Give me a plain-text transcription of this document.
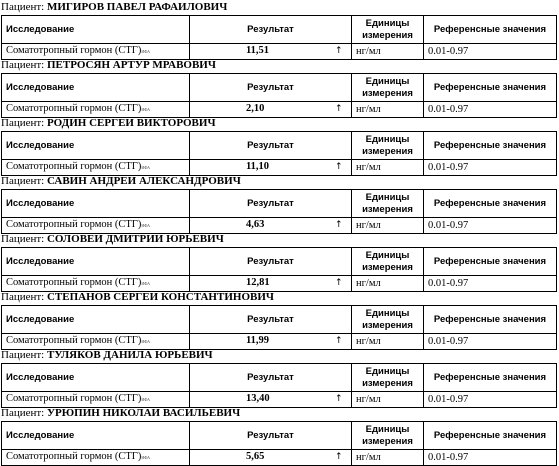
Пациент: МИГИРОВ ПАВЕЛ РАФАИЛОВИЧ
Исследование	Результат	Единицы измерения	Референсные значения
Соматотропный гормон (СТГ)ИФА	11,51 ↑	нг/мл	0.01-0.97
Пациент: ПЕТРОСЯН АРТУР МРАВОВИЧ
Исследование	Результат	Единицы измерения	Референсные значения
Соматотропный гормон (СТГ)ИФА	2,10 ↑	нг/мл	0.01-0.97
Пациент: РОДИН СЕРГЕИ ВИКТОРОВИЧ
Исследование	Результат	Единицы измерения	Референсные значения
Соматотропный гормон (СТГ)ИФА	11,10 ↑	нг/мл	0.01-0.97
Пациент: САВИН АНДРЕИ АЛЕКСАНДРОВИЧ
Исследование	Результат	Единицы измерения	Референсные значения
Соматотропный гормон (СТГ)ИФА	4,63 ↑	нг/мл	0.01-0.97
Пациент: СОЛОВЕИ ДМИТРИИ ЮРЬЕВИЧ
Исследование	Результат	Единицы измерения	Референсные значения
Соматотропный гормон (СТГ)ИФА	12,81 ↑	нг/мл	0.01-0.97
Пациент: СТЕПАНОВ СЕРГЕИ КОНСТАНТИНОВИЧ
Исследование	Результат	Единицы измерения	Референсные значения
Соматотропный гормон (СТГ)ИФА	11,99 ↑	нг/мл	0.01-0.97
Пациент: ТУЛЯКОВ ДАНИЛА ЮРЬЕВИЧ
Исследование	Результат	Единицы измерения	Референсные значения
Соматотропный гормон (СТГ)ИФА	13,40 ↑	нг/мл	0.01-0.97
Пациент: УРЮПИН НИКОЛАИ ВАСИЛЬЕВИЧ
Исследование	Результат	Единицы измерения	Референсные значения
Соматотропный гормон (СТГ)ИФА	5,65 ↑	нг/мл	0.01-0.97
